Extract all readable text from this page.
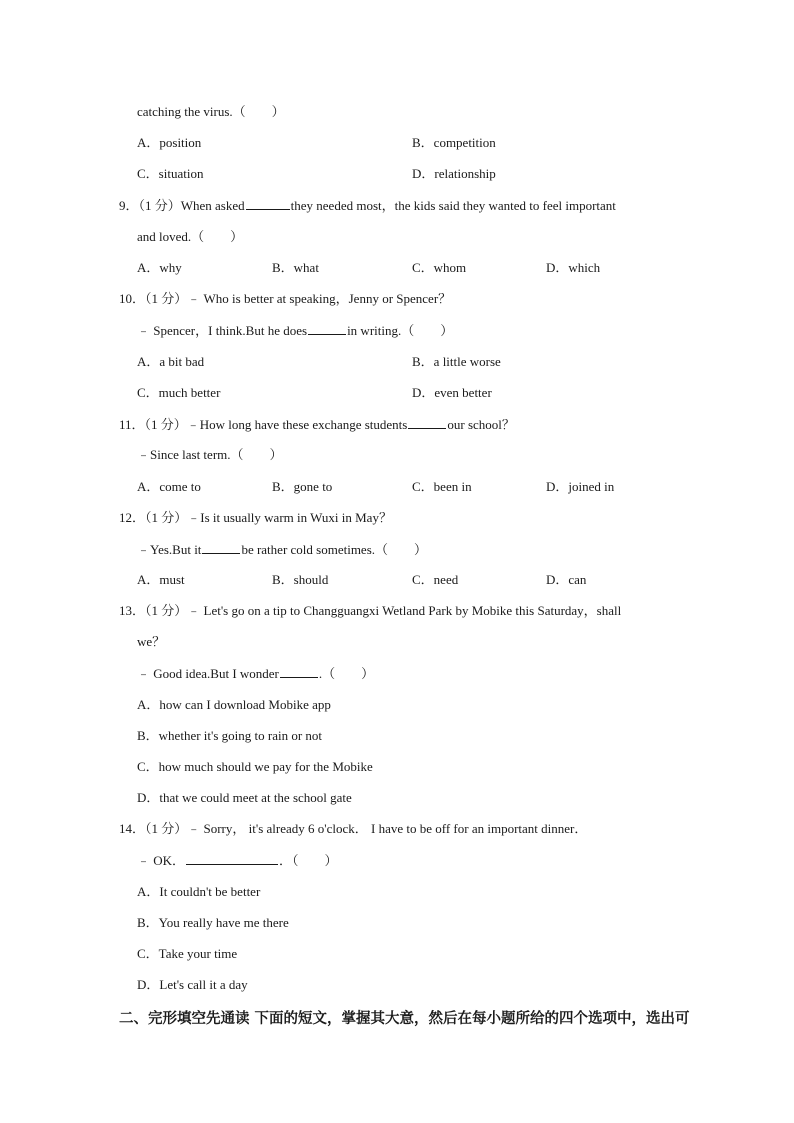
catching the virus.（　　）
A．position	B．competition
C．situation	D．relationship
9．（1 分）When asked	they needed most，the kids said they wanted to feel important
and loved.（　　）
A．why	B．what	C．whom	D．which
10．（1 分）﹣ Who is better at speaking，Jenny or Spencer？
﹣ Spencer，I think.But he does	in writing.（　　）
A．a bit bad	B．a little worse
C．much better	D．even better
11．（1 分）﹣How long have these exchange students	our school？
﹣Since last term.（　　）
A．come to	B．gone to	C．been in	D．joined in
12．（1 分）﹣Is it usually warm in Wuxi in May？
﹣Yes.But it	be rather cold sometimes.（　　）
A．must	B．should	C．need	D．can
13．（1 分）﹣ Let's go on a tip to Changguangxi Wetland Park by Mobike this Saturday，shall
we？
﹣ Good idea.But I wonder	.（　　）
A．how can I download Mobike app
B．whether it's going to rain or not
C．how much should we pay for the Mobike
D．that we could meet at the school gate
14．（1 分）﹣ Sorry， it's already 6 o'clock． I have to be off for an important dinner．
﹣ OK．	．（　　）
A．It couldn't be better
B．You really have me there
C．Take your time
D．Let's call it a day
二、完形填空先通读 下面的短文，掌握其大意，然后在每小题所给的四个选项中，选出可
